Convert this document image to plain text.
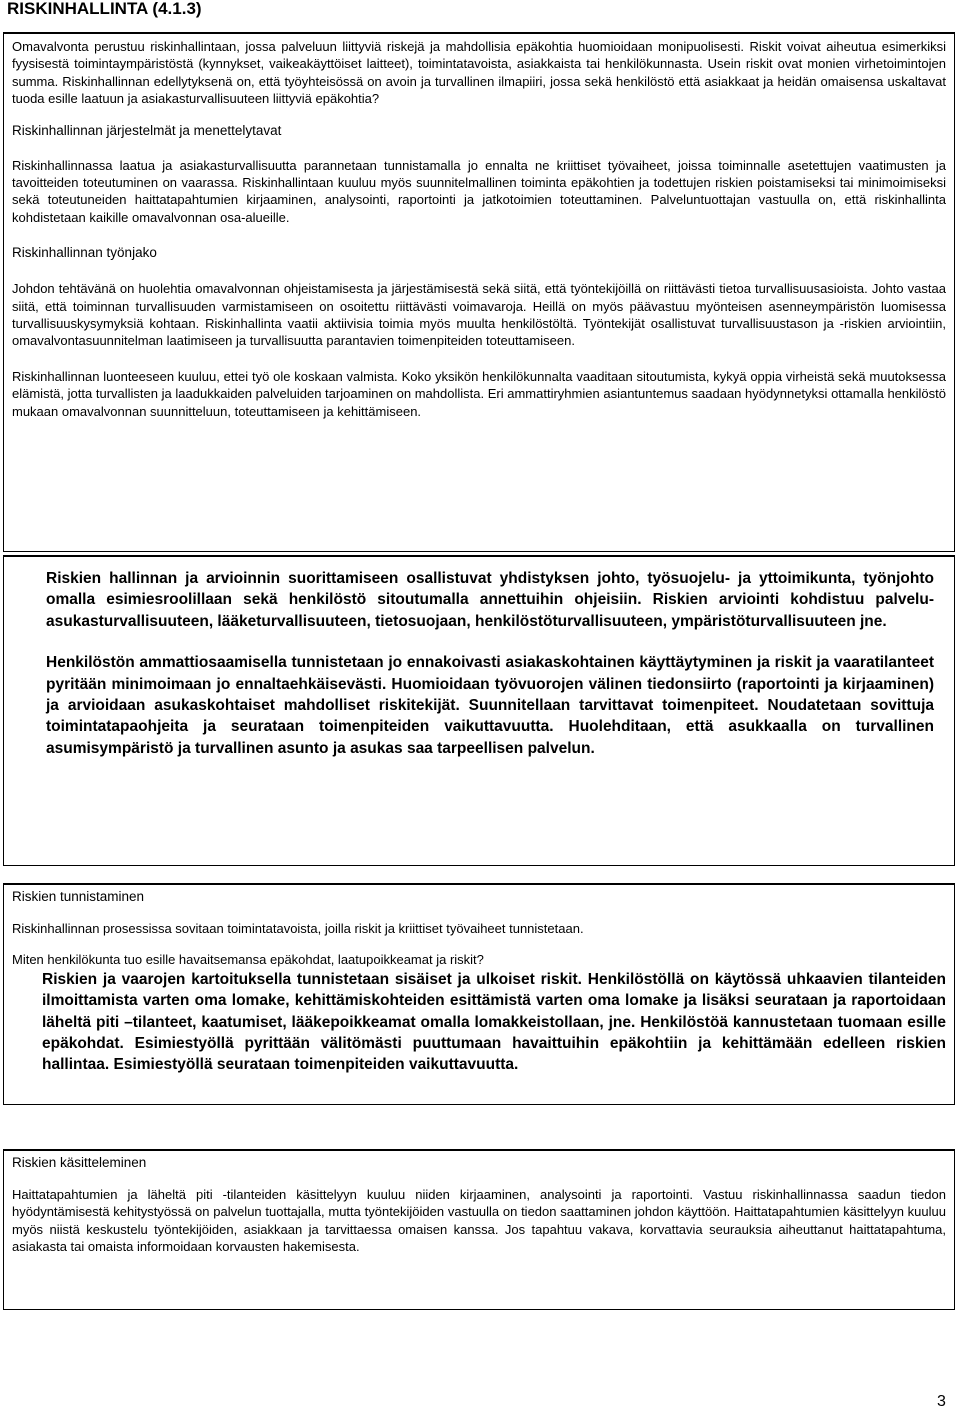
RISKINHALLINTA (4.1.3)

Omavalvonta perustuu riskinhallintaan, jossa palveluun liittyviä riskejä ja mahdollisia epäkohtia huomioidaan monipuolisesti. Riskit voivat aiheutua esimerkiksi fyysisestä toimintaympäristöstä (kynnykset, vaikeakäyttöiset laitteet), toimintatavoista, asiakkaista tai henkilökunnasta. Usein riskit ovat monien virhetoimintojen summa. Riskinhallinnan edellytyksenä on, että työyhteisössä on avoin ja turvallinen ilmapiiri, jossa sekä henkilöstö että asiakkaat ja heidän omaisensa uskaltavat tuoda esille laatuun ja asiakasturvallisuuteen liittyviä epäkohtia?

Riskinhallinnan järjestelmät ja menettelytavat

Riskinhallinnassa laatua ja asiakasturvallisuutta parannetaan tunnistamalla jo ennalta ne kriittiset työvaiheet, joissa toiminnalle asetettujen vaatimusten ja tavoitteiden toteutuminen on vaarassa. Riskinhallintaan kuuluu myös suunnitelmallinen toiminta epäkohtien ja todettujen riskien poistamiseksi tai minimoimiseksi sekä toteutuneiden haittatapahtumien kirjaaminen, analysointi, raportointi ja jatkotoimien toteuttaminen. Palveluntuottajan vastuulla on, että riskinhallinta kohdistetaan kaikille omavalvonnan osa-alueille.

Riskinhallinnan työnjako

Johdon tehtävänä on huolehtia omavalvonnan ohjeistamisesta ja järjestämisestä sekä siitä, että työntekijöillä on riittävästi tietoa turvallisuusasioista. Johto vastaa siitä, että toiminnan turvallisuuden varmistamiseen on osoitettu riittävästi voimavaroja. Heillä on myös päävastuu myönteisen asenneympäristön luomisessa turvallisuuskysymyksiä kohtaan. Riskinhallinta vaatii aktiivisia toimia myös muulta henkilöstöltä. Työntekijät osallistuvat turvallisuustason ja -riskien arviointiin, omavalvontasuunnitelman laatimiseen ja turvallisuutta parantavien toimenpiteiden toteuttamiseen.

Riskinhallinnan luonteeseen kuuluu, ettei työ ole koskaan valmista. Koko yksikön henkilökunnalta vaaditaan sitoutumista, kykyä oppia virheistä sekä muutoksessa elämistä, jotta turvallisten ja laadukkaiden palveluiden tarjoaminen on mahdollista. Eri ammattiryhmien asiantuntemus saadaan hyödynnetyksi ottamalla henkilöstö mukaan omavalvonnan suunnitteluun, toteuttamiseen ja kehittämiseen.

Riskien hallinnan ja arvioinnin suorittamiseen osallistuvat yhdistyksen johto, työsuojelu- ja yttoimikunta, työnjohto omalla esimiesroolillaan sekä henkilöstö sitoutumalla annettuihin ohjeisiin. Riskien arviointi kohdistuu palvelu-asukasturvallisuuteen, lääketurvallisuuteen, tietosuojaan, henkilöstöturvallisuuteen, ympäristöturvallisuuteen jne.

Henkilöstön ammattiosaamisella tunnistetaan jo ennakoivasti asiakaskohtainen käyttäytyminen ja riskit ja vaaratilanteet pyritään minimoimaan jo ennaltaehkäisevästi. Huomioidaan työvuorojen välinen tiedonsiirto (raportointi ja kirjaaminen) ja arvioidaan asukaskohtaiset mahdolliset riskitekijät. Suunnitellaan tarvittavat toimenpiteet. Noudatetaan sovittuja toimintatapaohjeita ja seurataan toimenpiteiden vaikuttavuutta. Huolehditaan, että asukkaalla on turvallinen asumisympäristö ja turvallinen asunto ja asukas saa tarpeellisen palvelun.

Riskien tunnistaminen

Riskinhallinnan prosessissa sovitaan toimintatavoista, joilla riskit ja kriittiset työvaiheet tunnistetaan.

Miten henkilökunta tuo esille havaitsemansa epäkohdat, laatupoikkeamat ja riskit?

Riskien ja vaarojen kartoituksella tunnistetaan sisäiset ja ulkoiset riskit. Henkilöstöllä on käytössä uhkaavien tilanteiden ilmoittamista varten oma lomake, kehittämiskohteiden esittämistä varten oma lomake ja lisäksi seurataan ja raportoidaan läheltä piti –tilanteet, kaatumiset, lääkepoikkeamat omalla lomakkeistollaan, jne. Henkilöstöä kannustetaan tuomaan esille epäkohdat. Esimiestyöllä pyrittään välitömästi puuttumaan havaittuihin epäkohtiin ja kehittämään edelleen riskien hallintaa. Esimiestyöllä seurataan toimenpiteiden vaikuttavuutta.

Riskien käsitteleminen

Haittatapahtumien ja läheltä piti -tilanteiden käsittelyyn kuuluu niiden kirjaaminen, analysointi ja raportointi. Vastuu riskinhallinnassa saadun tiedon hyödyntämisestä kehitystyössä on palvelun tuottajalla, mutta työntekijöiden vastuulla on tiedon saattaminen johdon käyttöön. Haittatapahtumien käsittelyyn kuuluu myös niistä keskustelu työntekijöiden, asiakkaan ja tarvittaessa omaisen kanssa. Jos tapahtuu vakava, korvattavia seurauksia aiheuttanut haittatapahtuma, asiakasta tai omaista informoidaan korvausten hakemisesta.

3
